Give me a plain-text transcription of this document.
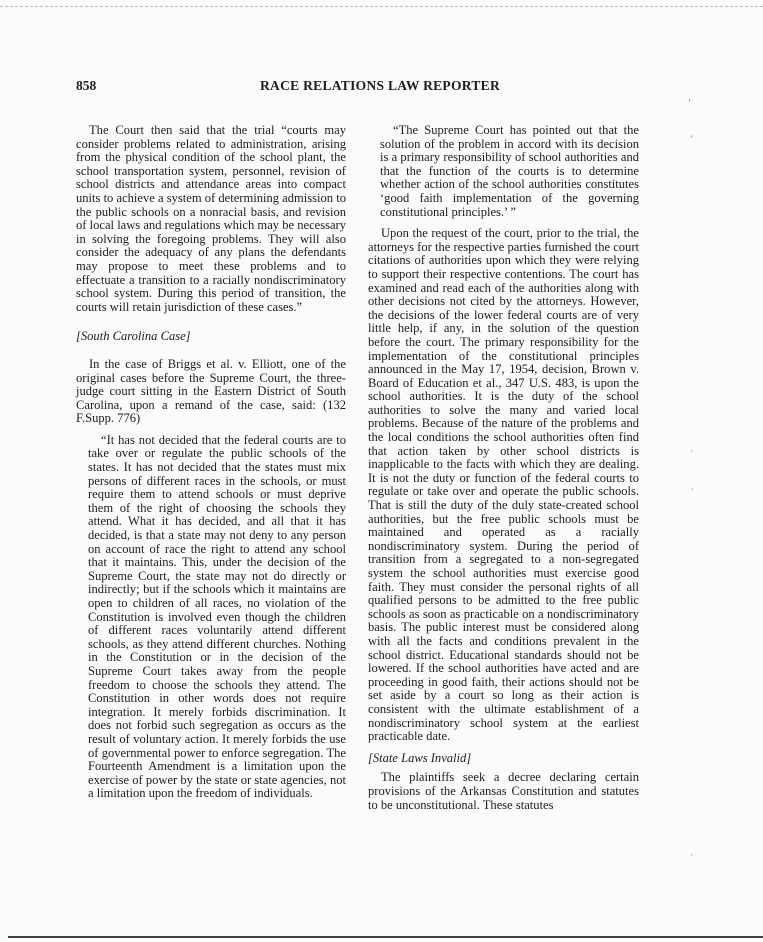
858	RACE RELATIONS LAW REPORTER

The Court then said that the trial “courts may consider problems related to administration, arising from the physical condition of the school plant, the school transportation system, personnel, revision of school districts and attendance areas into compact units to achieve a system of determining admission to the public schools on a nonracial basis, and revision of local laws and regulations which may be necessary in solving the foregoing problems. They will also consider the adequacy of any plans the defendants may propose to meet these problems and to effectuate a transition to a racially nondiscriminatory school system. During this period of transition, the courts will retain jurisdiction of these cases.”

[South Carolina Case]

In the case of Briggs et al. v. Elliott, one of the original cases before the Supreme Court, the three-judge court sitting in the Eastern District of South Carolina, upon a remand of the case, said: (132 F.Supp. 776)

“It has not decided that the federal courts are to take over or regulate the public schools of the states. It has not decided that the states must mix persons of different races in the schools, or must require them to attend schools or must deprive them of the right of choosing the schools they attend. What it has decided, and all that it has decided, is that a state may not deny to any person on account of race the right to attend any school that it maintains. This, under the decision of the Supreme Court, the state may not do directly or indirectly; but if the schools which it maintains are open to children of all races, no violation of the Constitution is involved even though the children of different races voluntarily attend different schools, as they attend different churches. Nothing in the Constitution or in the decision of the Supreme Court takes away from the people freedom to choose the schools they attend. The Constitution in other words does not require integration. It merely forbids discrimination. It does not forbid such segregation as occurs as the result of voluntary action. It merely forbids the use of governmental power to enforce segregation. The Fourteenth Amendment is a limitation upon the exercise of power by the state or state agencies, not a limitation upon the freedom of individuals.

“The Supreme Court has pointed out that the solution of the problem in accord with its decision is a primary responsibility of school authorities and that the function of the courts is to determine whether action of the school authorities constitutes ‘good faith implementation of the governing constitutional principles.’ ”

Upon the request of the court, prior to the trial, the attorneys for the respective parties furnished the court citations of authorities upon which they were relying to support their respective contentions. The court has examined and read each of the authorities along with other decisions not cited by the attorneys. However, the decisions of the lower federal courts are of very little help, if any, in the solution of the question before the court. The primary responsibility for the implementation of the constitutional principles announced in the May 17, 1954, decision, Brown v. Board of Education et al., 347 U.S. 483, is upon the school authorities. It is the duty of the school authorities to solve the many and varied local problems. Because of the nature of the problems and the local conditions the school authorities often find that action taken by other school districts is inapplicable to the facts with which they are dealing. It is not the duty or function of the federal courts to regulate or take over and operate the public schools. That is still the duty of the duly state-created school authorities, but the free public schools must be maintained and operated as a racially nondiscriminatory system. During the period of transition from a segregated to a non-segregated system the school authorities must exercise good faith. They must consider the personal rights of all qualified persons to be admitted to the free public schools as soon as practicable on a nondiscriminatory basis. The public interest must be considered along with all the facts and conditions prevalent in the school district. Educational standards should not be lowered. If the school authorities have acted and are proceeding in good faith, their actions should not be set aside by a court so long as their action is consistent with the ultimate establishment of a nondiscriminatory school system at the earliest practicable date.

[State Laws Invalid]

The plaintiffs seek a decree declaring certain provisions of the Arkansas Constitution and statutes to be unconstitutional. These statutes

’
’
·
·
·
